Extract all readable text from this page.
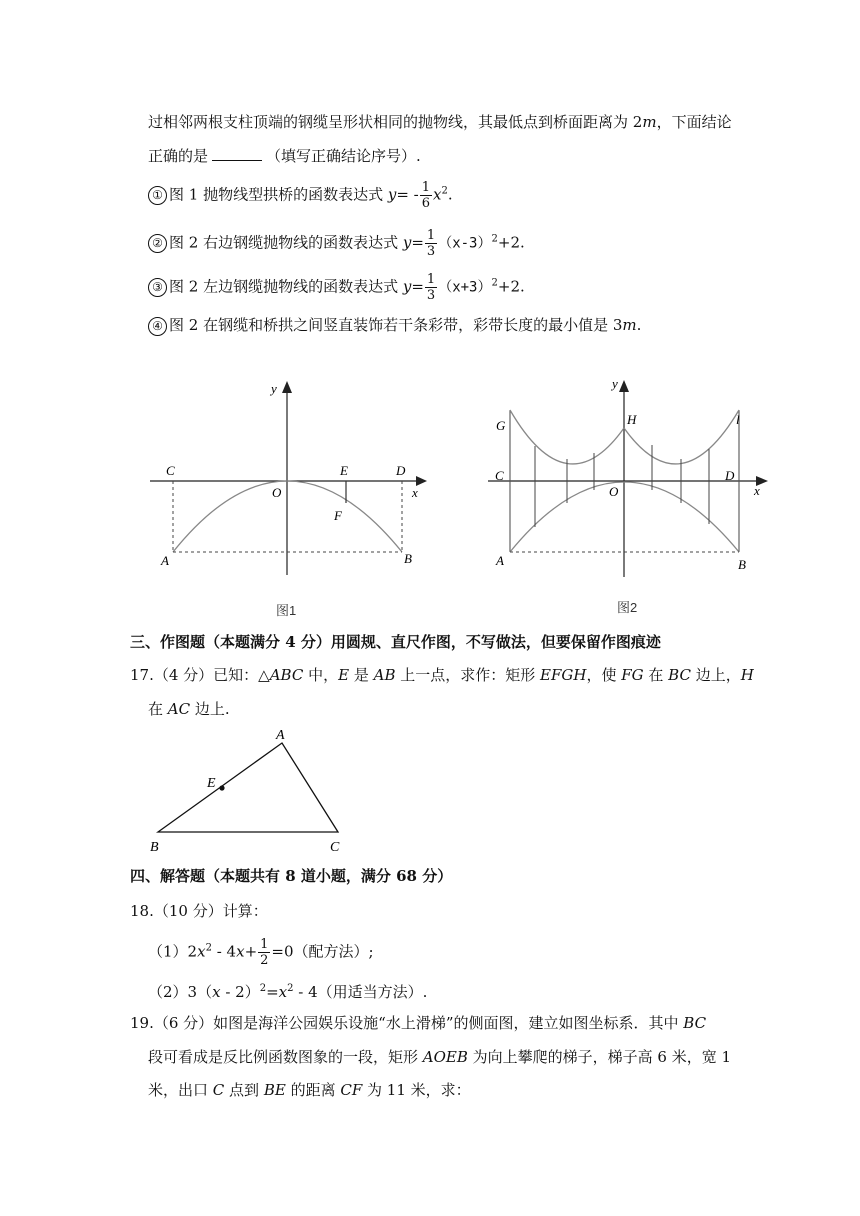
过相邻两根支柱顶端的钢缆呈形状相同的抛物线，其最低点到桥面距离为 2m，下面结论
正确的是	（填写正确结论序号）.
① 图 1 抛物线型拱桥的函数表达式 $y= - \frac{1}{6} x^2$.
② 图 2 右边钢缆抛物线的函数表达式 $y= \frac{1}{3} (x-3)^2+2$.
③ 图 2 左边钢缆抛物线的函数表达式 $y= \frac{1}{3} (x+3)^2+2$.
④ 图 2 在钢缆和桥拱之间竖直装饰若干条彩带，彩带长度的最小值是 3m.
y
x
C	E	D
O
F
A	B
图1
y
x
G	H	l
C	D
O
A	B
图2
三、作图题（本题满分 4 分）用圆规、直尺作图，不写做法，但要保留作图痕迹
17.（4 分）已知：△ABC 中，E 是 AB 上一点，求作：矩形 EFGH，使 FG 在 BC 边上，H
在 AC 边上.
A
E
B	C
四、解答题（本题共有 8 道小题，满分 68 分）
18.（10 分）计算：
$(1)2x^2 - 4x+ \frac{1}{2} =0$（配方法）;
$(2)3(x - 2)^2=x^2 - 4$（用适当方法）.
19.（6 分）如图是海洋公园娱乐设施“水上滑梯”的侧面图，建立如图坐标系．其中 BC
段可看成是反比例函数图象的一段，矩形 AOEB 为向上攀爬的梯子，梯子高 6 米，宽 1
米，出口 C 点到 BE 的距离 CF 为 11 米，求：
